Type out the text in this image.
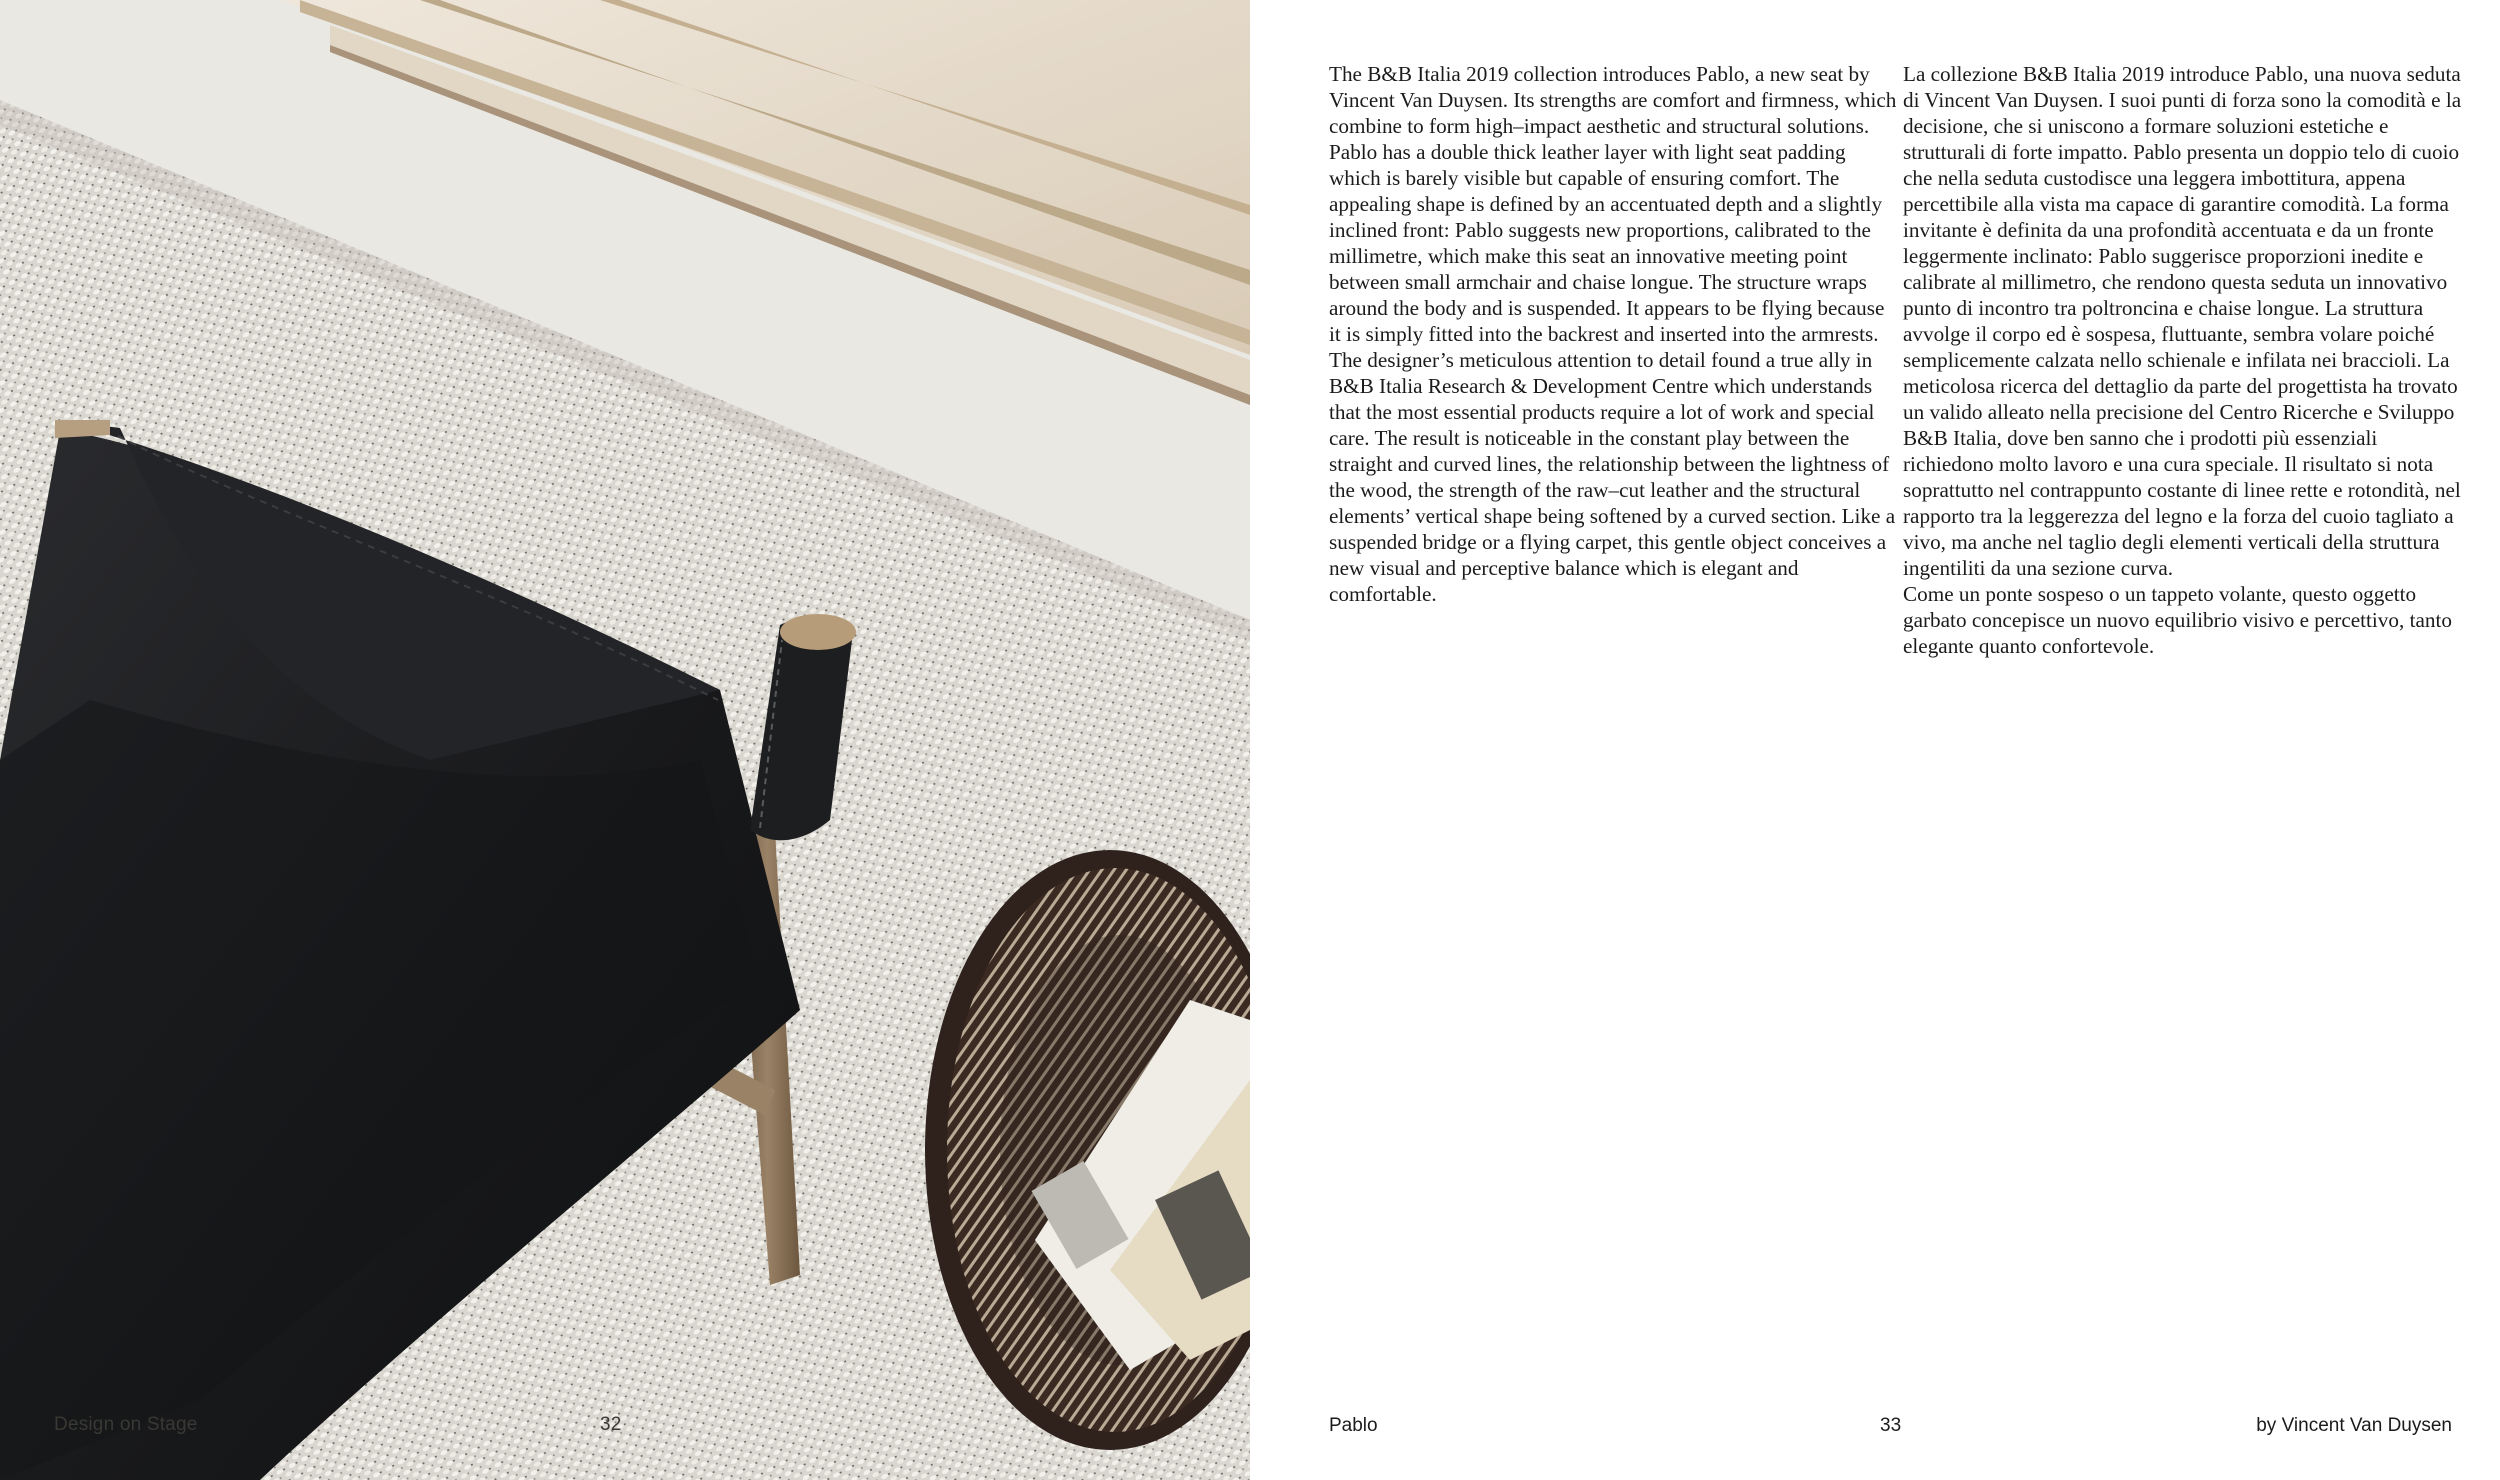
Design on Stage	32

The B&B Italia 2019 collection introduces Pablo, a new seat by Vincent Van Duysen. Its strengths are comfort and firmness, which combine to form high–impact aesthetic and structural solutions. Pablo has a double thick leather layer with light seat padding which is barely visible but capable of ensuring comfort. The appealing shape is defined by an accentuated depth and a slightly inclined front: Pablo suggests new proportions, calibrated to the millimetre, which make this seat an innovative meeting point between small armchair and chaise longue. The structure wraps around the body and is suspended. It appears to be flying because it is simply fitted into the backrest and inserted into the armrests. The designer’s meticulous attention to detail found a true ally in B&B Italia Research & Development Centre which understands that the most essential products require a lot of work and special care. The result is noticeable in the constant play between the straight and curved lines, the relationship between the lightness of the wood, the strength of the raw–cut leather and the structural elements’ vertical shape being softened by a curved section. Like a suspended bridge or a flying carpet, this gentle object conceives a new visual and perceptive balance which is elegant and comfortable.

La collezione B&B Italia 2019 introduce Pablo, una nuova seduta di Vincent Van Duysen. I suoi punti di forza sono la comodità e la decisione, che si uniscono a formare soluzioni estetiche e strutturali di forte impatto. Pablo presenta un doppio telo di cuoio che nella seduta custodisce una leggera imbottitura, appena percettibile alla vista ma capace di garantire comodità. La forma invitante è definita da una profondità accentuata e da un fronte leggermente inclinato: Pablo suggerisce proporzioni inedite e calibrate al millimetro, che rendono questa seduta un innovativo punto di incontro tra poltroncina e chaise longue. La struttura avvolge il corpo ed è sospesa, fluttuante, sembra volare poiché semplicemente calzata nello schienale e infilata nei braccioli. La meticolosa ricerca del dettaglio da parte del progettista ha trovato un valido alleato nella precisione del Centro Ricerche e Sviluppo B&B Italia, dove ben sanno che i prodotti più essenziali richiedono molto lavoro e una cura speciale. Il risultato si nota soprattutto nel contrappunto costante di linee rette e rotondità, nel rapporto tra la leggerezza del legno e la forza del cuoio tagliato a vivo, ma anche nel taglio degli elementi verticali della struttura ingentiliti da una sezione curva.

Come un ponte sospeso o un tappeto volante, questo oggetto garbato concepisce un nuovo equilibrio visivo e percettivo, tanto elegante quanto confortevole.

Pablo	33	by Vincent Van Duysen
